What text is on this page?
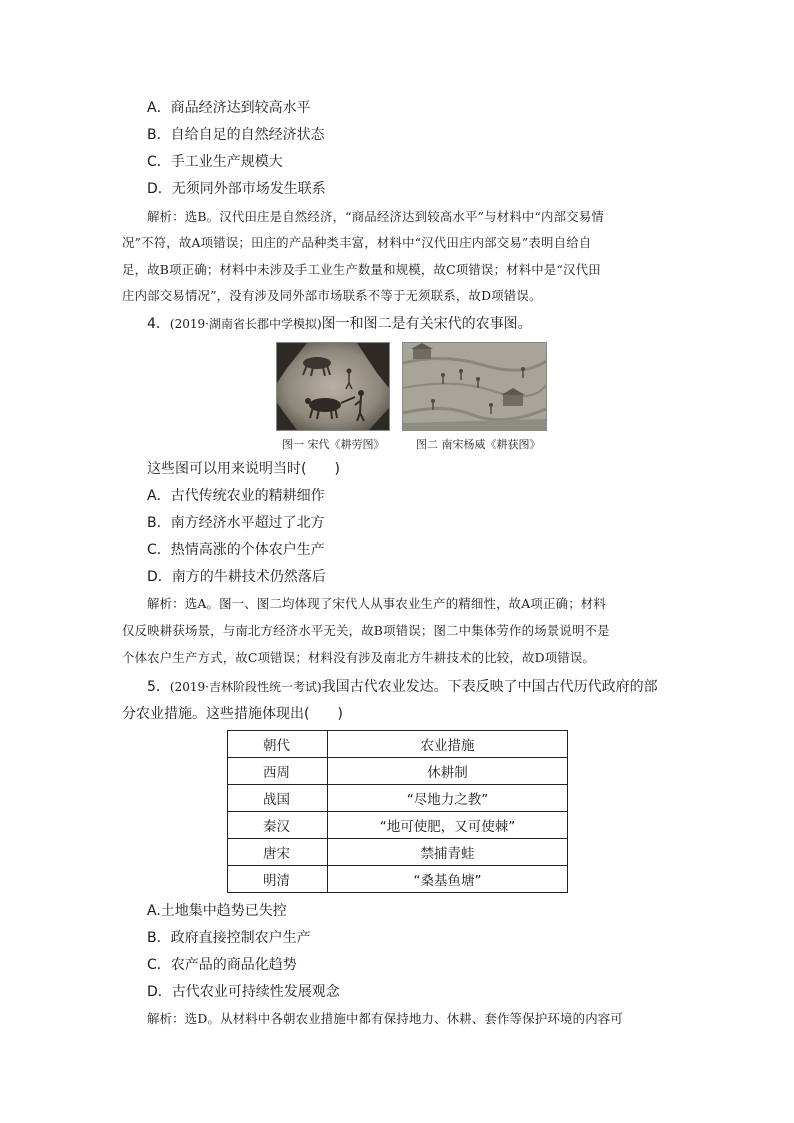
A．商品经济达到较高水平
B．自给自足的自然经济状态
C．手工业生产规模大
D．无须同外部市场发生联系
解析：选B。汉代田庄是自然经济，“商品经济达到较高水平”与材料中“内部交易情
况”不符，故A项错误；田庄的产品种类丰富，材料中“汉代田庄内部交易”表明自给自
足，故B项正确；材料中未涉及手工业生产数量和规模，故C项错误；材料中是“汉代田
庄内部交易情况”，没有涉及同外部市场联系不等于无须联系，故D项错误。
4．(2019·湖南省长郡中学模拟)图一和图二是有关宋代的农事图。
图一 宋代《耕劳图》	图二 南宋杨威《耕获图》
这些图可以用来说明当时(　　)
A．古代传统农业的精耕细作
B．南方经济水平超过了北方
C．热情高涨的个体农户生产
D．南方的牛耕技术仍然落后
解析：选A。图一、图二均体现了宋代人从事农业生产的精细性，故A项正确；材料
仅反映耕获场景，与南北方经济水平无关，故B项错误；图二中集体劳作的场景说明不是
个体农户生产方式，故C项错误；材料没有涉及南北方牛耕技术的比较，故D项错误。
5．(2019·吉林阶段性统一考试)我国古代农业发达。下表反映了中国古代历代政府的部
分农业措施。这些措施体现出(　　)
朝代	农业措施
西周	休耕制
战国	“尽地力之教”
秦汉	“地可使肥，又可使棘”
唐宋	禁捕青蛙
明清	“桑基鱼塘”
A.土地集中趋势已失控
B．政府直接控制农户生产
C．农产品的商品化趋势
D．古代农业可持续性发展观念
解析：选D。从材料中各朝农业措施中都有保持地力、休耕、套作等保护环境的内容可
